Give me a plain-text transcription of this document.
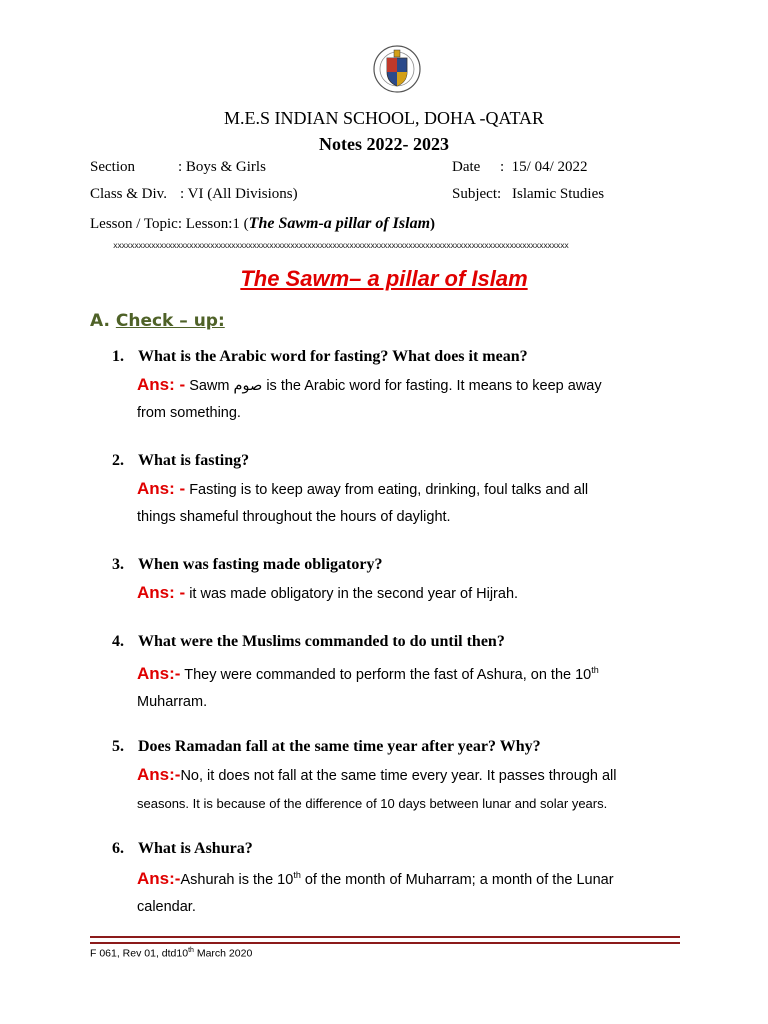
M.E.S INDIAN SCHOOL, DOHA -QATAR
Notes 2022- 2023
Section	: Boys & Girls	Date :  15/ 04/ 2022
Class & Div. : VI (All Divisions)	Subject: Islamic Studies
Lesson / Topic: Lesson:1 (The Sawm-a pillar of Islam)
xxxxxxxxxxxxxxxxxxxxxxxxxxxxxxxxxxxxxxxxxxxxxxxxxxxxxxxxxxxxxxxxxxxxxxxxxxxxxxxxxxxxxxxxxxxxxxxxxxxxxxxxxxxx
The Sawm– a pillar of Islam
A. Check – up:
1. What is the Arabic word for fasting? What does it mean?
Ans: - Sawm صوم is the Arabic word for fasting. It means to keep away
from something.
2. What is fasting?
Ans: - Fasting is to keep away from eating, drinking, foul talks and all
things shameful throughout the hours of daylight.
3. When was fasting made obligatory?
Ans: - it was made obligatory in the second year of Hijrah.
4. What were the Muslims commanded to do until then?
Ans:- They were commanded to perform the fast of Ashura, on the 10th
Muharram.
5. Does Ramadan fall at the same time year after year? Why?
Ans:-No, it does not fall at the same time every year. It passes through all
seasons. It is because of the difference of 10 days between lunar and solar years.
6. What is Ashura?
Ans:-Ashurah is the 10th of the month of Muharram; a month of the Lunar
calendar.
F 061, Rev 01, dtd10th March 2020
